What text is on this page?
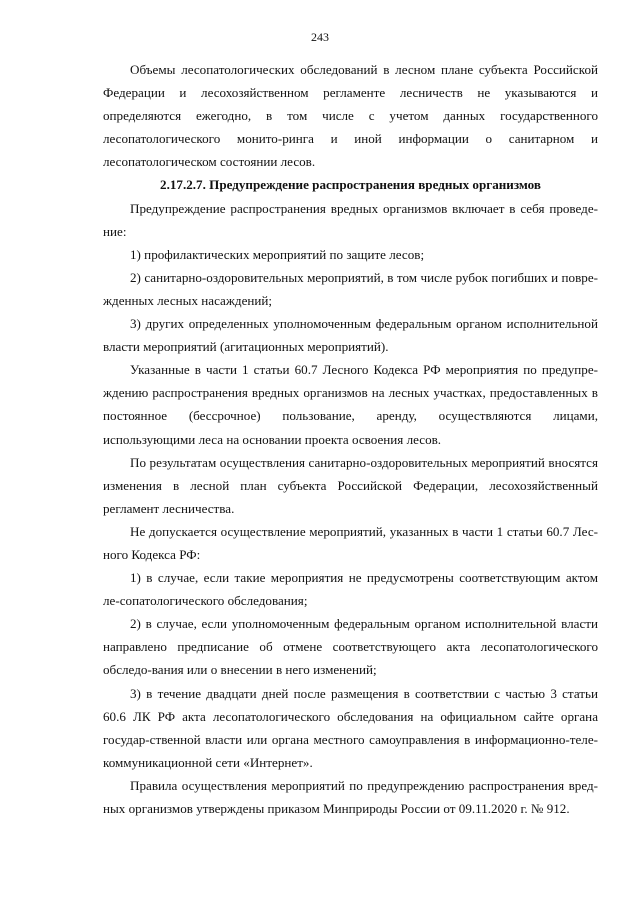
243

Объемы лесопатологических обследований в лесном плане субъекта Российской Федерации и лесохозяйственном регламенте лесничеств не указываются и определяются ежегодно, в том числе с учетом данных государственного лесопатологического монито-ринга и иной информации о санитарном и лесопатологическом состоянии лесов.

2.17.2.7. Предупреждение распространения вредных организмов

Предупреждение распространения вредных организмов включает в себя проведе-ние:

1) профилактических мероприятий по защите лесов;

2) санитарно-оздоровительных мероприятий, в том числе рубок погибших и повре-жденных лесных насаждений;

3) других определенных уполномоченным федеральным органом исполнительной власти мероприятий (агитационных мероприятий).

Указанные в части 1 статьи 60.7 Лесного Кодекса РФ мероприятия по предупре-ждению распространения вредных организмов на лесных участках, предоставленных в постоянное (бессрочное) пользование, аренду, осуществляются лицами, использующими леса на основании проекта освоения лесов.

По результатам осуществления санитарно-оздоровительных мероприятий вносятся изменения в лесной план субъекта Российской Федерации, лесохозяйственный регламент лесничества.

Не допускается осуществление мероприятий, указанных в части 1 статьи 60.7 Лес-ного Кодекса РФ:

1) в случае, если такие мероприятия не предусмотрены соответствующим актом ле-сопатологического обследования;

2) в случае, если уполномоченным федеральным органом исполнительной власти направлено предписание об отмене соответствующего акта лесопатологического обследо-вания или о внесении в него изменений;

3) в течение двадцати дней после размещения в соответствии с частью 3 статьи 60.6 ЛК РФ акта лесопатологического обследования на официальном сайте органа государ-ственной власти или органа местного самоуправления в информационно-теле-коммуникационной сети «Интернет».

Правила осуществления мероприятий по предупреждению распространения вред-ных организмов утверждены приказом Минприроды России от 09.11.2020 г. № 912.
